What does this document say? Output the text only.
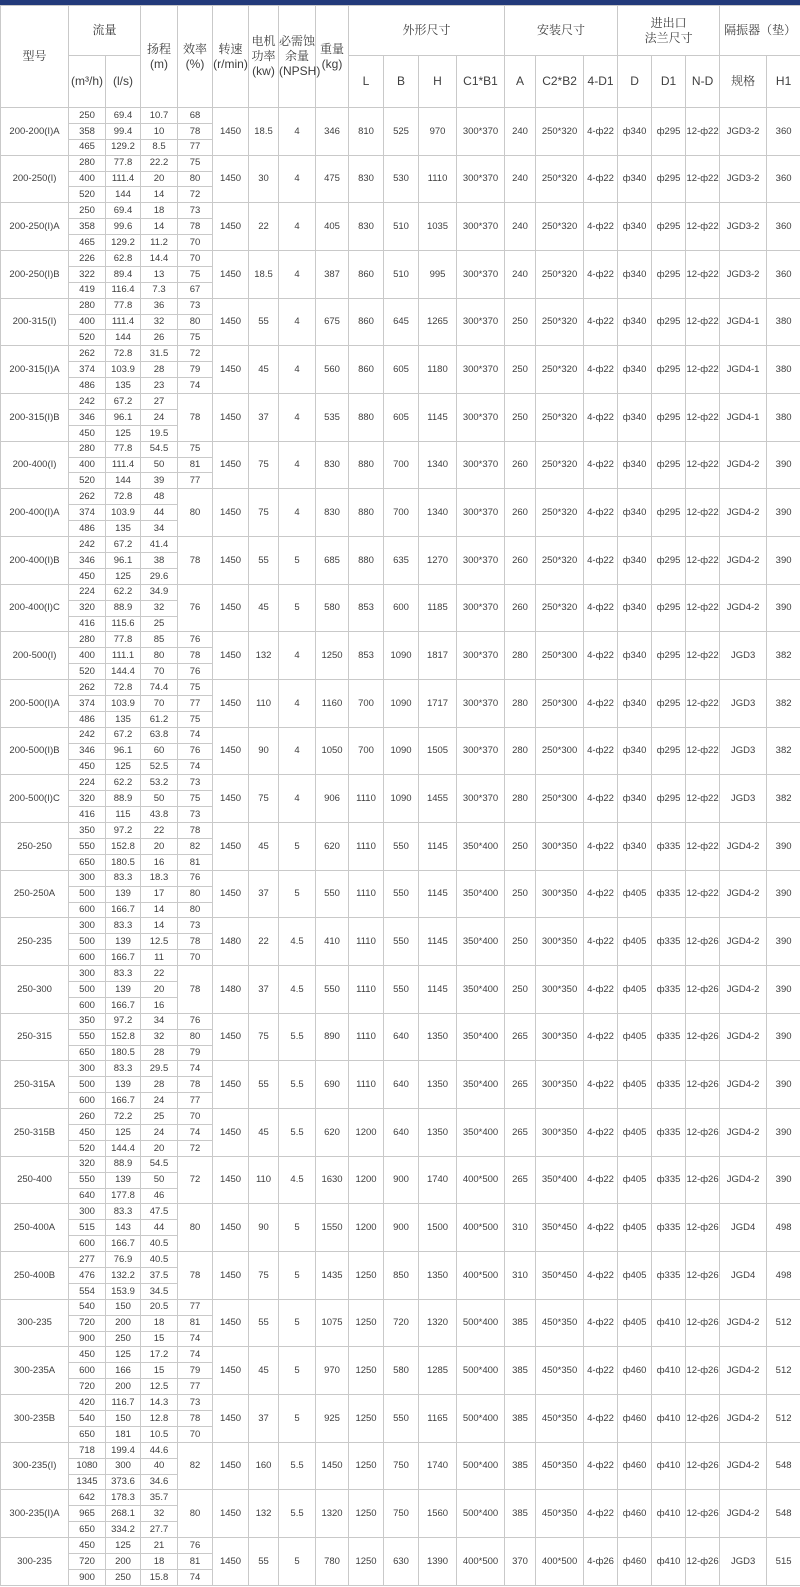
型号	流量		扬程(m)	效率(%)	转速(r/min)	电机功率(kw)	必需蚀余量(NPSH)	重量(kg)	外形尺寸				安装尺寸			进出口
法兰尺寸			隔振器（垫）	
	(m³/h)	(l/s)							L	B	H	C1*B1	A	C2*B2	4-D1	D	D1	N-D	规格	H1
200-200(I)A	250	69.4	10.7	68	1450	18.5	4	346	810	525	970	300*370	240	250*320	4-ф22	ф340	ф295	12-ф22	JGD3-2	360
	358	99.4	10	78																
	465	129.2	8.5	77																
200-250(I)	280	77.8	22.2	75	1450	30	4	475	830	530	1110	300*370	240	250*320	4-ф22	ф340	ф295	12-ф22	JGD3-2	360
	400	111.4	20	80																
	520	144	14	72																
200-250(I)A	250	69.4	18	73	1450	22	4	405	830	510	1035	300*370	240	250*320	4-ф22	ф340	ф295	12-ф22	JGD3-2	360
	358	99.6	14	78																
	465	129.2	11.2	70																
200-250(I)B	226	62.8	14.4	70	1450	18.5	4	387	860	510	995	300*370	240	250*320	4-ф22	ф340	ф295	12-ф22	JGD3-2	360
	322	89.4	13	75																
	419	116.4	7.3	67																
200-315(I)	280	77.8	36	73	1450	55	4	675	860	645	1265	300*370	250	250*320	4-ф22	ф340	ф295	12-ф22	JGD4-1	380
	400	111.4	32	80																
	520	144	26	75																
200-315(I)A	262	72.8	31.5	72	1450	45	4	560	860	605	1180	300*370	250	250*320	4-ф22	ф340	ф295	12-ф22	JGD4-1	380
	374	103.9	28	79																
	486	135	23	74																
200-315(I)B	242	67.2	27	78	1450	37	4	535	880	605	1145	300*370	250	250*320	4-ф22	ф340	ф295	12-ф22	JGD4-1	380
	346	96.1	24																	
	450	125	19.5																	
200-400(I)	280	77.8	54.5	75	1450	75	4	830	880	700	1340	300*370	260	250*320	4-ф22	ф340	ф295	12-ф22	JGD4-2	390
	400	111.4	50	81																
	520	144	39	77																
200-400(I)A	262	72.8	48	80	1450	75	4	830	880	700	1340	300*370	260	250*320	4-ф22	ф340	ф295	12-ф22	JGD4-2	390
	374	103.9	44																	
	486	135	34																	
200-400(I)B	242	67.2	41.4	78	1450	55	5	685	880	635	1270	300*370	260	250*320	4-ф22	ф340	ф295	12-ф22	JGD4-2	390
	346	96.1	38																	
	450	125	29.6																	
200-400(I)C	224	62.2	34.9	76	1450	45	5	580	853	600	1185	300*370	260	250*320	4-ф22	ф340	ф295	12-ф22	JGD4-2	390
	320	88.9	32																	
	416	115.6	25																	
200-500(I)	280	77.8	85	76	1450	132	4	1250	853	1090	1817	300*370	280	250*300	4-ф22	ф340	ф295	12-ф22	JGD3	382
	400	111.1	80	78																
	520	144.4	70	76																
200-500(I)A	262	72.8	74.4	75	1450	110	4	1160	700	1090	1717	300*370	280	250*300	4-ф22	ф340	ф295	12-ф22	JGD3	382
	374	103.9	70	77																
	486	135	61.2	75																
200-500(I)B	242	67.2	63.8	74	1450	90	4	1050	700	1090	1505	300*370	280	250*300	4-ф22	ф340	ф295	12-ф22	JGD3	382
	346	96.1	60	76																
	450	125	52.5	74																
200-500(I)C	224	62.2	53.2	73	1450	75	4	906	1110	1090	1455	300*370	280	250*300	4-ф22	ф340	ф295	12-ф22	JGD3	382
	320	88.9	50	75																
	416	115	43.8	73																
250-250	350	97.2	22	78	1450	45	5	620	1110	550	1145	350*400	250	300*350	4-ф22	ф340	ф335	12-ф22	JGD4-2	390
	550	152.8	20	82																
	650	180.5	16	81																
250-250A	300	83.3	18.3	76	1450	37	5	550	1110	550	1145	350*400	250	300*350	4-ф22	ф405	ф335	12-ф22	JGD4-2	390
	500	139	17	80																
	600	166.7	14	80																
250-235	300	83.3	14	73	1480	22	4.5	410	1110	550	1145	350*400	250	300*350	4-ф22	ф405	ф335	12-ф26	JGD4-2	390
	500	139	12.5	78																
	600	166.7	11	70																
250-300	300	83.3	22	78	1480	37	4.5	550	1110	550	1145	350*400	250	300*350	4-ф22	ф405	ф335	12-ф26	JGD4-2	390
	500	139	20																	
	600	166.7	16																	
250-315	350	97.2	34	76	1450	75	5.5	890	1110	640	1350	350*400	265	300*350	4-ф22	ф405	ф335	12-ф26	JGD4-2	390
	550	152.8	32	80																
	650	180.5	28	79																
250-315A	300	83.3	29.5	74	1450	55	5.5	690	1110	640	1350	350*400	265	300*350	4-ф22	ф405	ф335	12-ф26	JGD4-2	390
	500	139	28	78																
	600	166.7	24	77																
250-315B	260	72.2	25	70	1450	45	5.5	620	1200	640	1350	350*400	265	300*350	4-ф22	ф405	ф335	12-ф26	JGD4-2	390
	450	125	24	74																
	520	144.4	20	72																
250-400	320	88.9	54.5	72	1450	110	4.5	1630	1200	900	1740	400*500	265	350*400	4-ф22	ф405	ф335	12-ф26	JGD4-2	390
	550	139	50																	
	640	177.8	46																	
250-400A	300	83.3	47.5	80	1450	90	5	1550	1200	900	1500	400*500	310	350*450	4-ф22	ф405	ф335	12-ф26	JGD4	498
	515	143	44																	
	600	166.7	40.5																	
250-400B	277	76.9	40.5	78	1450	75	5	1435	1250	850	1350	400*500	310	350*450	4-ф22	ф405	ф335	12-ф26	JGD4	498
	476	132.2	37.5																	
	554	153.9	34.5																	
300-235	540	150	20.5	77	1450	55	5	1075	1250	720	1320	500*400	385	450*350	4-ф22	ф405	ф410	12-ф26	JGD4-2	512
	720	200	18	81																
	900	250	15	74																
300-235A	450	125	17.2	74	1450	45	5	970	1250	580	1285	500*400	385	450*350	4-ф22	ф460	ф410	12-ф26	JGD4-2	512
	600	166	15	79																
	720	200	12.5	77																
300-235B	420	116.7	14.3	73	1450	37	5	925	1250	550	1165	500*400	385	450*350	4-ф22	ф460	ф410	12-ф26	JGD4-2	512
	540	150	12.8	78																
	650	181	10.5	70																
300-235(I)	718	199.4	44.6	82	1450	160	5.5	1450	1250	750	1740	500*400	385	450*350	4-ф22	ф460	ф410	12-ф26	JGD4-2	548
	1080	300	40																	
	1345	373.6	34.6																	
300-235(I)A	642	178.3	35.7	80	1450	132	5.5	1320	1250	750	1560	500*400	385	450*350	4-ф22	ф460	ф410	12-ф26	JGD4-2	548
	965	268.1	32																	
	650	334.2	27.7																	
300-235	450	125	21	76	1450	55	5	780	1250	630	1390	400*500	370	400*500	4-ф26	ф460	ф410	12-ф26	JGD3	515
	720	200	18	81																
	900	250	15.8	74																
